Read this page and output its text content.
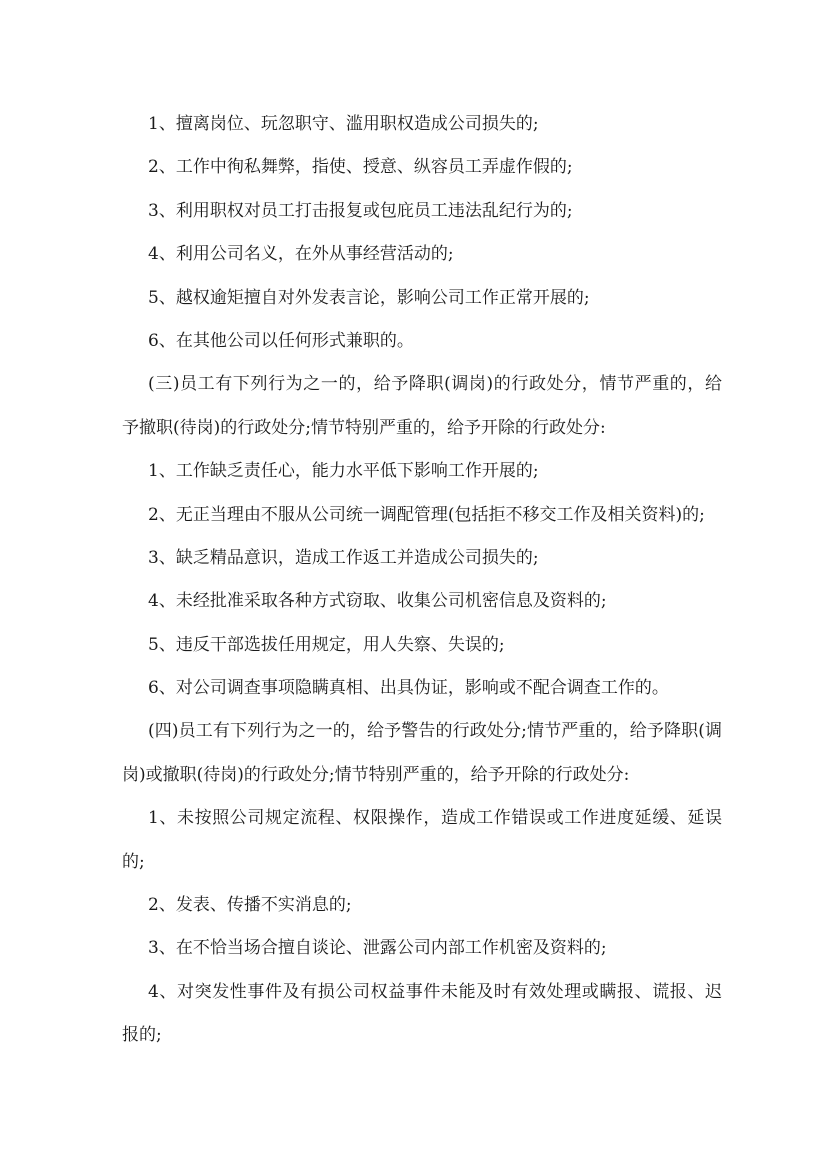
1、擅离岗位、玩忽职守、滥用职权造成公司损失的;
2、工作中徇私舞弊，指使、授意、纵容员工弄虚作假的;
3、利用职权对员工打击报复或包庇员工违法乱纪行为的;
4、利用公司名义，在外从事经营活动的;
5、越权逾矩擅自对外发表言论，影响公司工作正常开展的;
6、在其他公司以任何形式兼职的。
(三)员工有下列行为之一的，给予降职(调岗)的行政处分，情节严重的，给
予撤职(待岗)的行政处分;情节特别严重的，给予开除的行政处分:
1、工作缺乏责任心，能力水平低下影响工作开展的;
2、无正当理由不服从公司统一调配管理(包括拒不移交工作及相关资料)的;
3、缺乏精品意识，造成工作返工并造成公司损失的;
4、未经批准采取各种方式窃取、收集公司机密信息及资料的;
5、违反干部选拔任用规定，用人失察、失误的;
6、对公司调查事项隐瞒真相、出具伪证，影响或不配合调查工作的。
(四)员工有下列行为之一的，给予警告的行政处分;情节严重的，给予降职(调
岗)或撤职(待岗)的行政处分;情节特别严重的，给予开除的行政处分:
1、未按照公司规定流程、权限操作，造成工作错误或工作进度延缓、延误
的;
2、发表、传播不实消息的;
3、在不恰当场合擅自谈论、泄露公司内部工作机密及资料的;
4、对突发性事件及有损公司权益事件未能及时有效处理或瞒报、谎报、迟
报的;
